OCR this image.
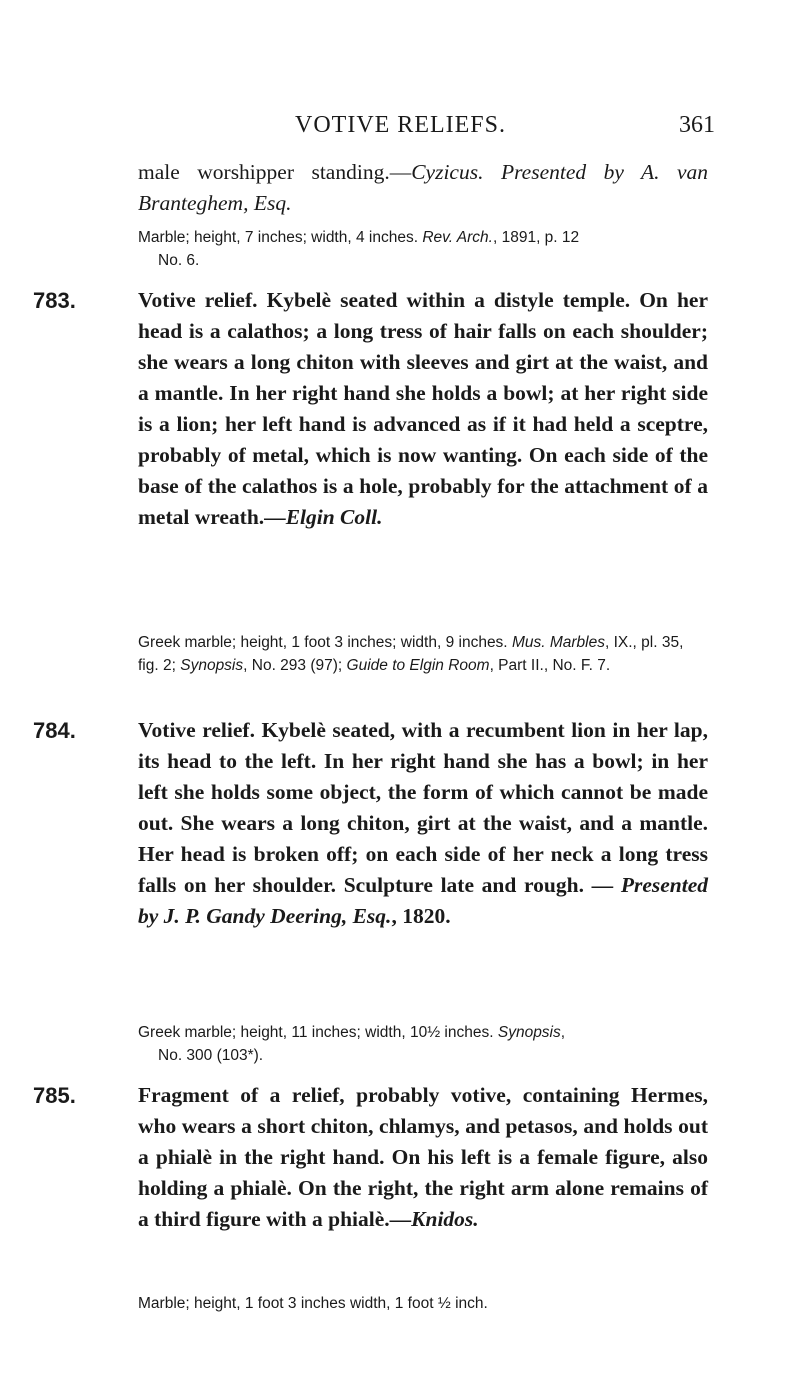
VOTIVE RELIEFS.	361
male worshipper standing.—Cyzicus. Presented by A. van Branteghem, Esq.
Marble; height, 7 inches; width, 4 inches. Rev. Arch., 1891, p. 12
No. 6.
783.	Votive relief. Kybelè seated within a distyle temple. On her head is a calathos; a long tress of hair falls on each shoulder; she wears a long chiton with sleeves and girt at the waist, and a mantle. In her right hand she holds a bowl; at her right side is a lion; her left hand is advanced as if it had held a sceptre, probably of metal, which is now wanting. On each side of the base of the calathos is a hole, probably for the attachment of a metal wreath.—Elgin Coll.
Greek marble; height, 1 foot 3 inches; width, 9 inches. Mus. Marbles, IX., pl. 35, fig. 2; Synopsis, No. 293 (97); Guide to Elgin Room, Part II., No. F. 7.
784.	Votive relief. Kybelè seated, with a recumbent lion in her lap, its head to the left. In her right hand she has a bowl; in her left she holds some object, the form of which cannot be made out. She wears a long chiton, girt at the waist, and a mantle. Her head is broken off; on each side of her neck a long tress falls on her shoulder. Sculpture late and rough. — Presented by J. P. Gandy Deering, Esq., 1820.
Greek marble; height, 11 inches; width, 10½ inches. Synopsis,
No. 300 (103*).
785.	Fragment of a relief, probably votive, containing Hermes, who wears a short chiton, chlamys, and petasos, and holds out a phialè in the right hand. On his left is a female figure, also holding a phialè. On the right, the right arm alone remains of a third figure with a phialè.—Knidos.
Marble; height, 1 foot 3 inches width, 1 foot ½ inch.
